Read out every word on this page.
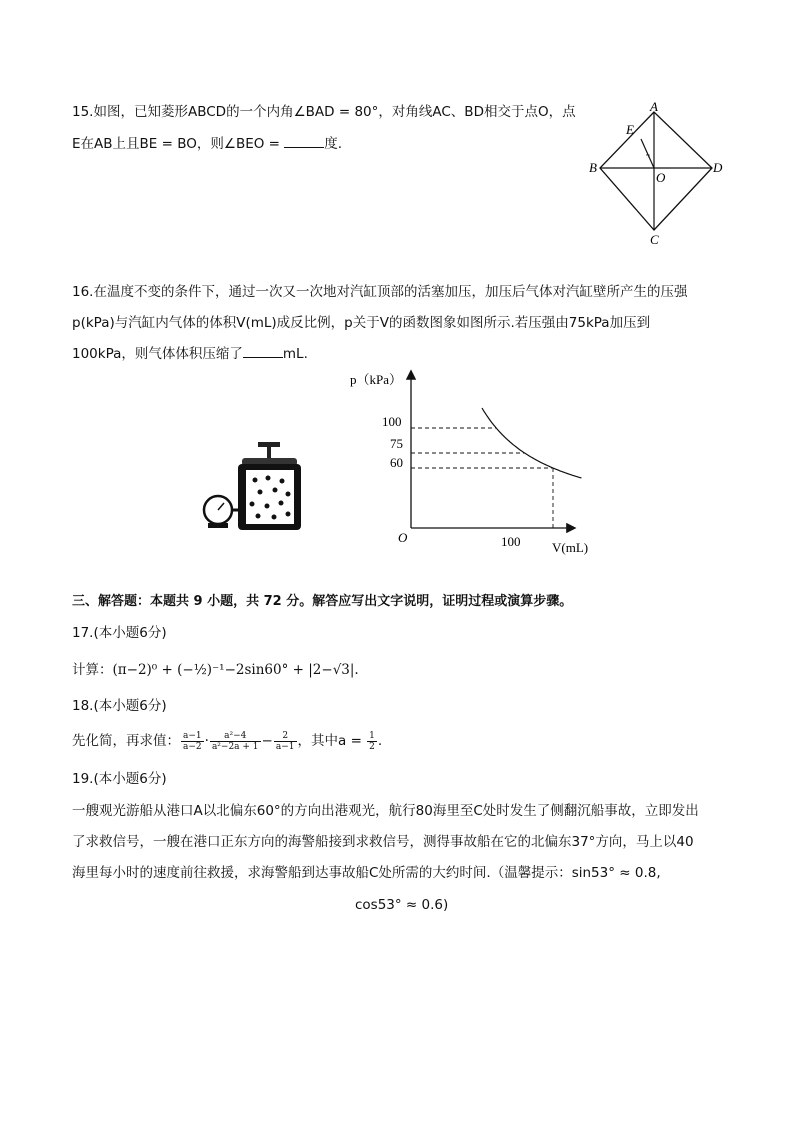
15.如图，已知菱形ABCD的一个内角∠BAD = 80°，对角线AC、BD相交于点O，点
E在AB上且BE = BO，则∠BEO =	度.
A
B
C
D
E
O
16.在温度不变的条件下，通过一次又一次地对汽缸顶部的活塞加压，加压后气体对汽缸壁所产生的压强
p(kPa)与汽缸内气体的体积V(mL)成反比例，p关于V的函数图象如图所示.若压强由75kPa加压到
100kPa，则气体体积压缩了	mL.
p（kPa）
V(mL)
O
100
75
60
100
三、解答题：本题共 9 小题，共 72 分。解答应写出文字说明，证明过程或演算步骤。
17.(本小题6分)
计算：(π−2)⁰ + (−½)⁻¹−2sin60° + |2−√3|.
18.(本小题6分)
先化简，再求值： $\frac{a-1}{a-2} \cdot \frac{\text{a²−4}}{\text{a²−2a + 1}} - \frac{2}{a-1}$ ，其中$a = \frac{1}{2}$ .
19.(本小题6分)
一艘观光游船从港口A以北偏东60°的方向出港观光，航行80海里至C处时发生了侧翻沉船事故，立即发出
了求救信号，一艘在港口正东方向的海警船接到求救信号，测得事故船在它的北偏东37°方向，马上以40
海里每小时的速度前往救援，求海警船到达事故船C处所需的大约时间.（温馨提示：sin53° ≈ 0.8,
cos53° ≈ 0.6)
